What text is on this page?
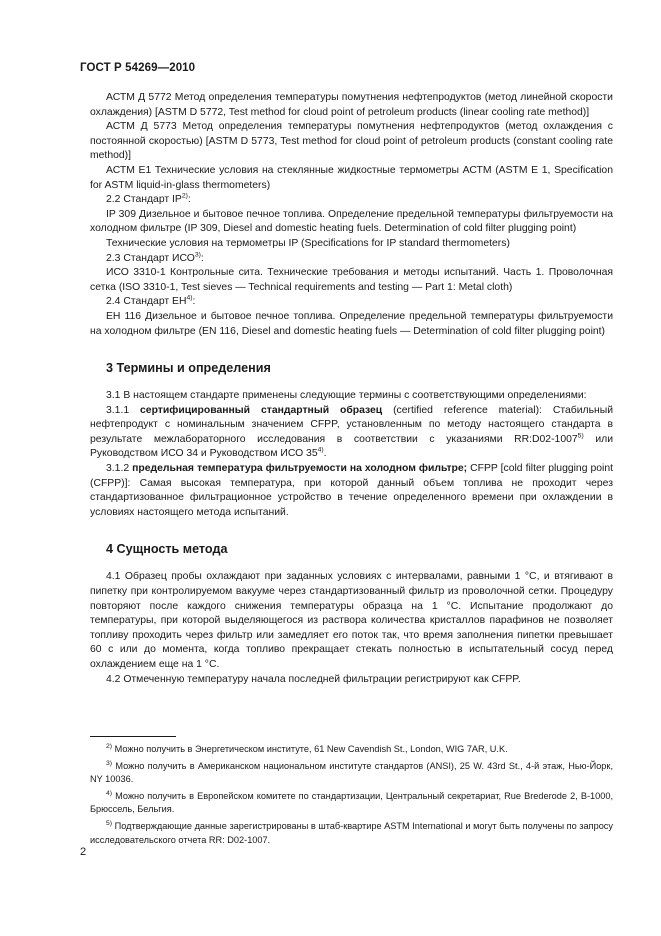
ГОСТ Р 54269—2010

АСТМ Д 5772 Метод определения температуры помутнения нефтепродуктов (метод линейной скорости охлаждения) [ASTM D 5772, Test method for cloud point of petroleum products (linear cooling rate method)]

АСТМ Д 5773 Метод определения температуры помутнения нефтепродуктов (метод охлаждения с постоянной скоростью) [ASTM D 5773, Test method for cloud point of petroleum products (constant cooling rate method)]

АСТМ Е1 Технические условия на стеклянные жидкостные термометры АСТМ (ASTM E 1, Specification for ASTM liquid-in-glass thermometers)

2.2 Стандарт IP$^{2)}$:

IP 309 Дизельное и бытовое печное топлива. Определение предельной температуры фильтруемости на холодном фильтре (IP 309, Diesel and domestic heating fuels. Determination of cold filter plugging point)

Технические условия на термометры IP (Specifications for IP standard thermometers)

2.3 Стандарт ИСО$^{3)}$:

ИСО 3310-1 Контрольные сита. Технические требования и методы испытаний. Часть 1. Проволочная сетка (ISO 3310-1, Test sieves — Technical requirements and testing — Part 1: Metal cloth)

2.4 Стандарт ЕН$^{4)}$:

ЕН 116 Дизельное и бытовое печное топлива. Определение предельной температуры фильтруемости на холодном фильтре (EN 116, Diesel and domestic heating fuels — Determination of cold filter plugging point)

3 Термины и определения

3.1 В настоящем стандарте применены следующие термины с соответствующими определениями:

3.1.1 сертифицированный стандартный образец (certified reference material): Стабильный нефтепродукт с номинальным значением CFPP, установленным по методу настоящего стандарта в результате межлабораторного исследования в соответствии с указаниями RR:D02-1007$^{5)}$ или Руководством ИСО 34 и Руководством ИСО 35$^{4)}$.

3.1.2 предельная температура фильтруемости на холодном фильтре; CFPP [cold filter plugging point (CFPP)]: Самая высокая температура, при которой данный объем топлива не проходит через стандартизованное фильтрационное устройство в течение определенного времени при охлаждении в условиях настоящего метода испытаний.

4 Сущность метода

4.1 Образец пробы охлаждают при заданных условиях с интервалами, равными 1 °С, и втягивают в пипетку при контролируемом вакууме через стандартизованный фильтр из проволочной сетки. Процедуру повторяют после каждого снижения температуры образца на 1 °С. Испытание продолжают до температуры, при которой выделяющегося из раствора количества кристаллов парафинов не позволяет топливу проходить через фильтр или замедляет его поток так, что время заполнения пипетки превышает 60 с или до момента, когда топливо прекращает стекать полностью в испытательный сосуд перед охлаждением еще на 1 °С.

4.2 Отмеченную температуру начала последней фильтрации регистрируют как CFPP.

$^{2)}$ Можно получить в Энергетическом институте, 61 New Cavendish St., London, WIG 7AR, U.K.

$^{3)}$ Можно получить в Американском национальном институте стандартов (ANSI), 25 W. 43rd St., 4-й этаж, Нью-Йорк, NY 10036.

$^{4)}$ Можно получить в Европейском комитете по стандартизации, Центральный секретариат, Rue Brederode 2, В-1000, Брюссель, Бельгия.

$^{5)}$ Подтверждающие данные зарегистрированы в штаб-квартире ASTM International и могут быть получены по запросу исследовательского отчета RR: D02-1007.

2
